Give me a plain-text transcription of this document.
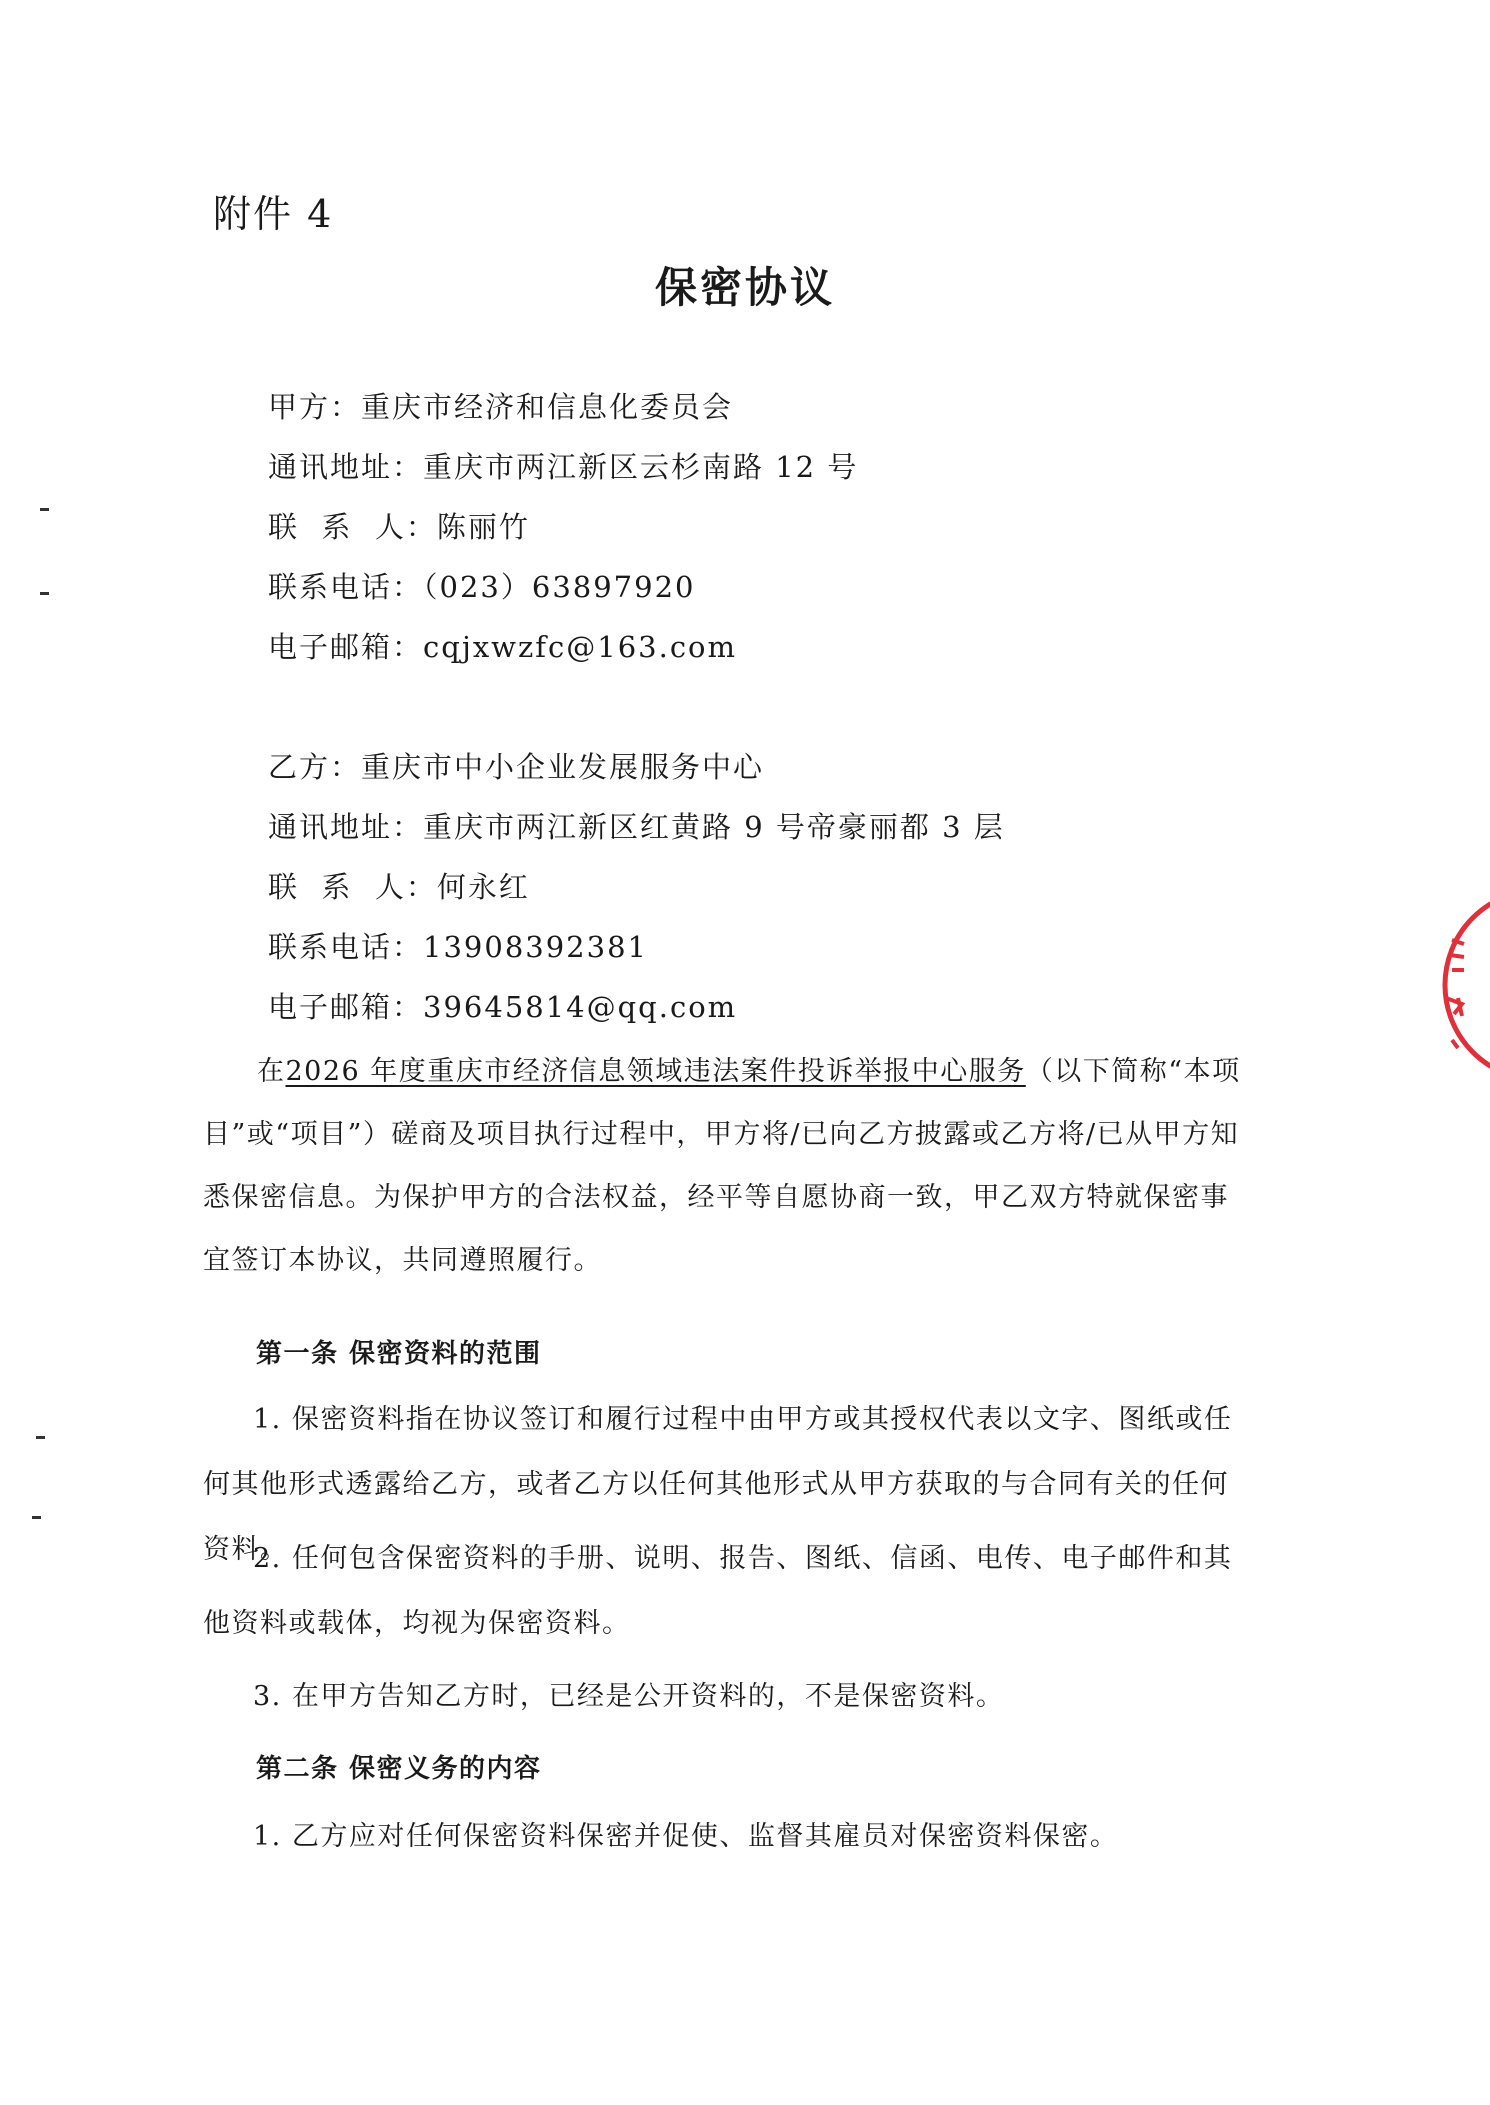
附件 4
保密协议
甲方：重庆市经济和信息化委员会
通讯地址：重庆市两江新区云杉南路 12 号
联  系  人：陈丽竹
联系电话：（023）63897920
电子邮箱：cqjxwzfc@163.com
乙方：重庆市中小企业发展服务中心
通讯地址：重庆市两江新区红黄路 9 号帝豪丽都 3 层
联  系  人：何永红
联系电话：13908392381
电子邮箱：39645814@qq.com
在2026 年度重庆市经济信息领域违法案件投诉举报中心服务（以下简称“本项目”或“项目”）磋商及项目执行过程中，甲方将/已向乙方披露或乙方将/已从甲方知悉保密信息。为保护甲方的合法权益，经平等自愿协商一致，甲乙双方特就保密事宜签订本协议，共同遵照履行。
第一条 保密资料的范围
1. 保密资料指在协议签订和履行过程中由甲方或其授权代表以文字、图纸或任何其他形式透露给乙方，或者乙方以任何其他形式从甲方获取的与合同有关的任何资料。
2. 任何包含保密资料的手册、说明、报告、图纸、信函、电传、电子邮件和其他资料或载体，均视为保密资料。
3. 在甲方告知乙方时，已经是公开资料的，不是保密资料。
第二条 保密义务的内容
1. 乙方应对任何保密资料保密并促使、监督其雇员对保密资料保密。
